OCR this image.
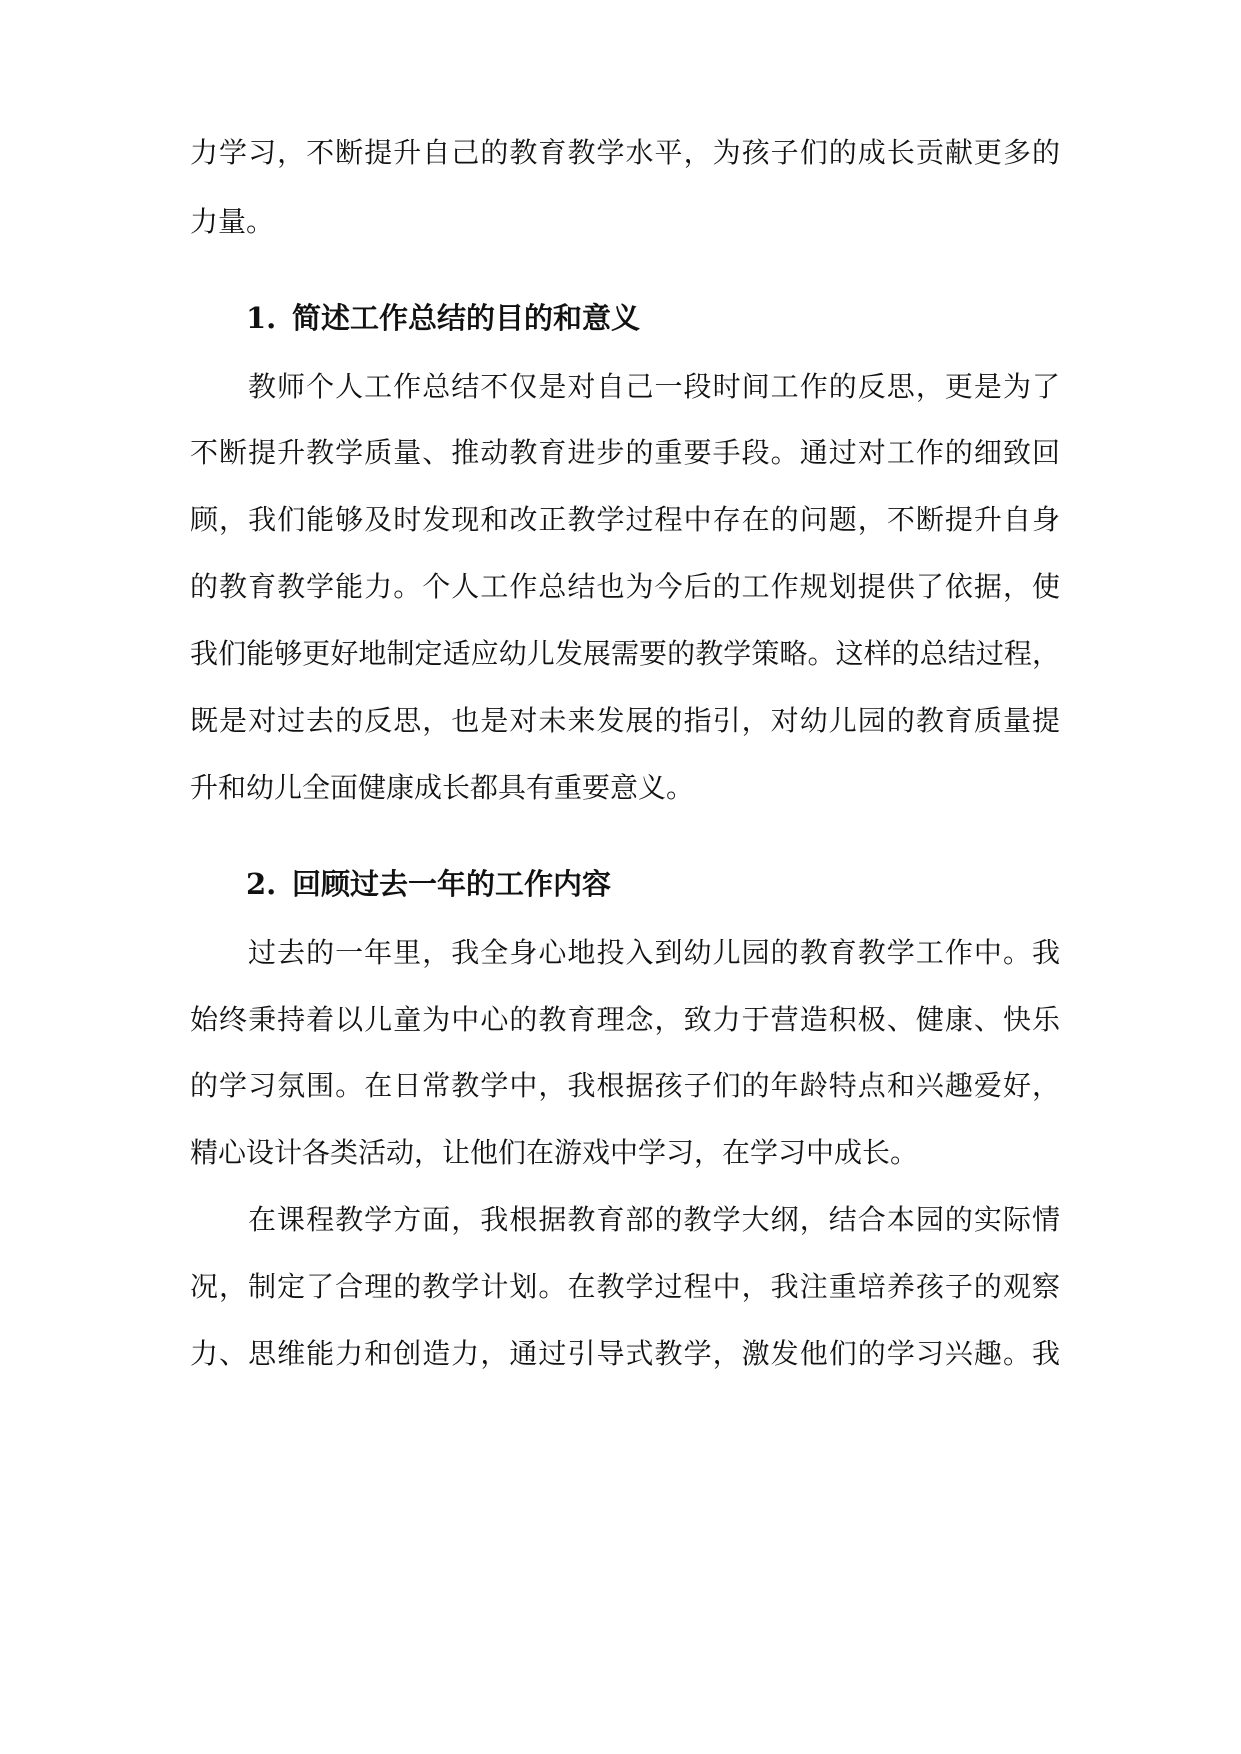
力学习，不断提升自己的教育教学水平，为孩子们的成长贡献更多的
力量。
1. 简述工作总结的目的和意义
教师个人工作总结不仅是对自己一段时间工作的反思，更是为了
不断提升教学质量、推动教育进步的重要手段。通过对工作的细致回
顾，我们能够及时发现和改正教学过程中存在的问题，不断提升自身
的教育教学能力。个人工作总结也为今后的工作规划提供了依据，使
我们能够更好地制定适应幼儿发展需要的教学策略。这样的总结过程，
既是对过去的反思，也是对未来发展的指引，对幼儿园的教育质量提
升和幼儿全面健康成长都具有重要意义。
2. 回顾过去一年的工作内容
过去的一年里，我全身心地投入到幼儿园的教育教学工作中。我
始终秉持着以儿童为中心的教育理念，致力于营造积极、健康、快乐
的学习氛围。在日常教学中，我根据孩子们的年龄特点和兴趣爱好，
精心设计各类活动，让他们在游戏中学习，在学习中成长。
在课程教学方面，我根据教育部的教学大纲，结合本园的实际情
况，制定了合理的教学计划。在教学过程中，我注重培养孩子的观察
力、思维能力和创造力，通过引导式教学，激发他们的学习兴趣。我
